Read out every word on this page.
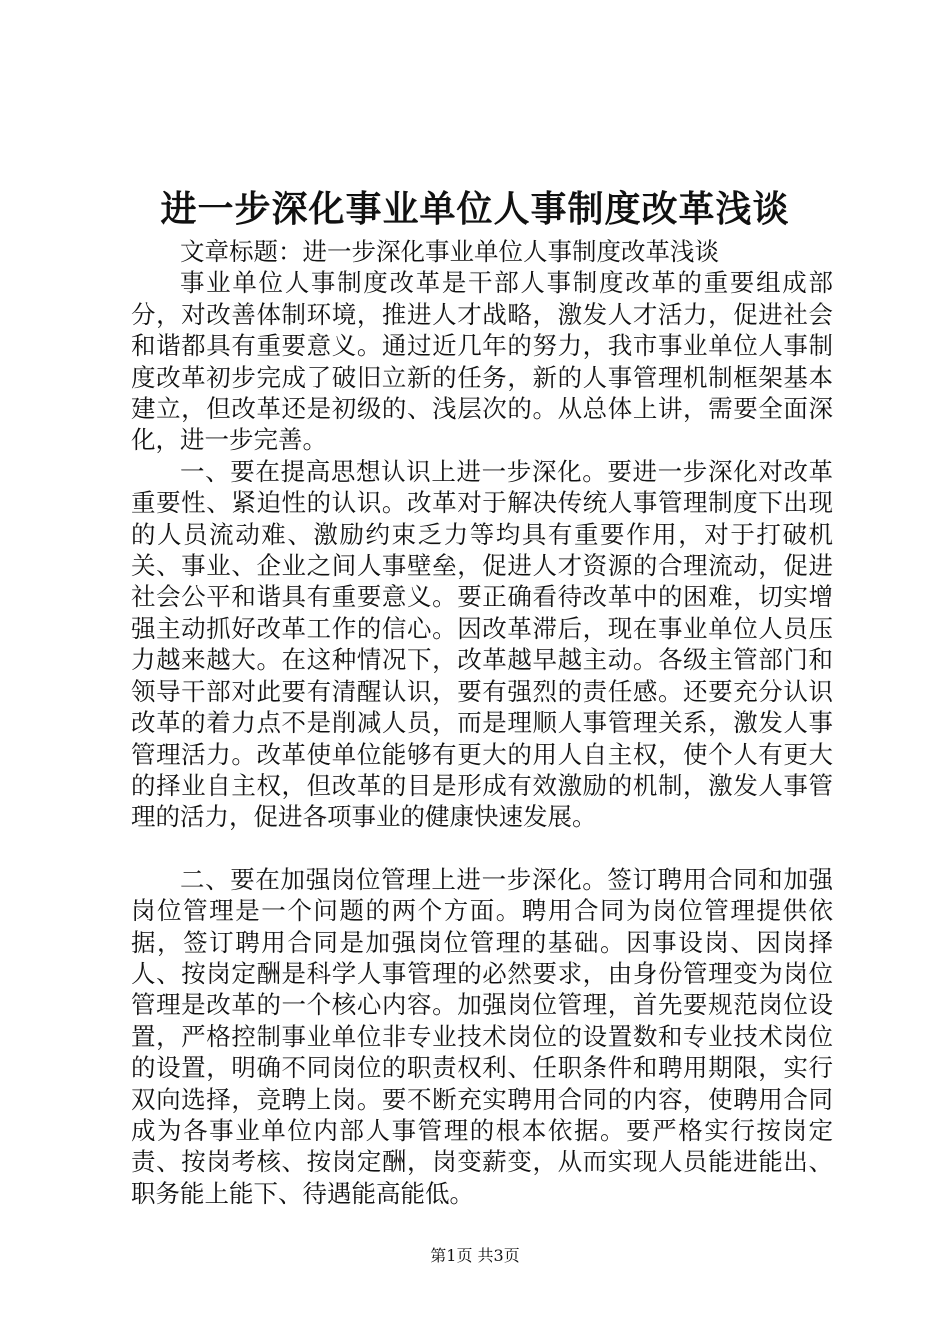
进一步深化事业单位人事制度改革浅谈

文章标题：进一步深化事业单位人事制度改革浅谈

事业单位人事制度改革是干部人事制度改革的重要组成部分，对改善体制环境，推进人才战略，激发人才活力，促进社会和谐都具有重要意义。通过近几年的努力，我市事业单位人事制度改革初步完成了破旧立新的任务，新的人事管理机制框架基本建立，但改革还是初级的、浅层次的。从总体上讲，需要全面深化，进一步完善。

一、要在提高思想认识上进一步深化。要进一步深化对改革重要性、紧迫性的认识。改革对于解决传统人事管理制度下出现的人员流动难、激励约束乏力等均具有重要作用，对于打破机关、事业、企业之间人事壁垒，促进人才资源的合理流动，促进社会公平和谐具有重要意义。要正确看待改革中的困难，切实增强主动抓好改革工作的信心。因改革滞后，现在事业单位人员压力越来越大。在这种情况下，改革越早越主动。各级主管部门和领导干部对此要有清醒认识，要有强烈的责任感。还要充分认识改革的着力点不是削减人员，而是理顺人事管理关系，激发人事管理活力。改革使单位能够有更大的用人自主权，使个人有更大的择业自主权，但改革的目是形成有效激励的机制，激发人事管理的活力，促进各项事业的健康快速发展。

二、要在加强岗位管理上进一步深化。签订聘用合同和加强岗位管理是一个问题的两个方面。聘用合同为岗位管理提供依据，签订聘用合同是加强岗位管理的基础。因事设岗、因岗择人、按岗定酬是科学人事管理的必然要求，由身份管理变为岗位管理是改革的一个核心内容。加强岗位管理，首先要规范岗位设置，严格控制事业单位非专业技术岗位的设置数和专业技术岗位的设置，明确不同岗位的职责权利、任职条件和聘用期限，实行双向选择，竞聘上岗。要不断充实聘用合同的内容，使聘用合同成为各事业单位内部人事管理的根本依据。要严格实行按岗定责、按岗考核、按岗定酬，岗变薪变，从而实现人员能进能出、职务能上能下、待遇能高能低。

第1页 共3页
